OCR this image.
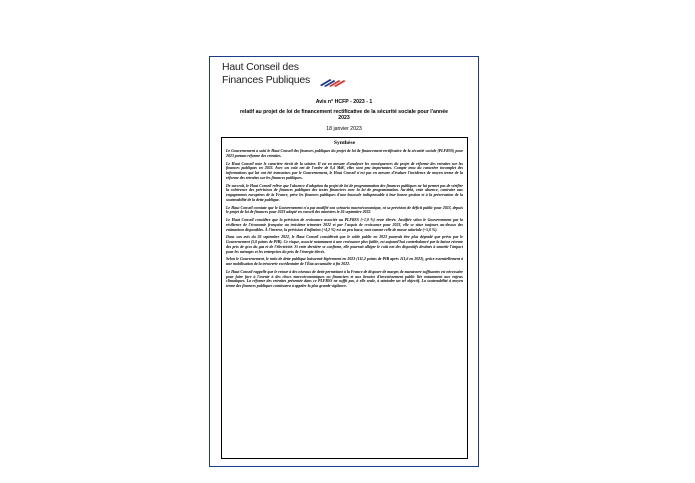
Haut Conseil des
Finances Publiques
Avis n° HCFP - 2023 - 1
relatif au projet de loi de financement rectificative de la sécurité sociale pour l'année 2023
18 janvier 2023
Synthèse

Le Gouvernement a saisi le Haut Conseil des finances publiques du projet de loi de financement rectificative de la sécurité sociale (PLFRSS) pour 2023 portant réforme des retraites.

Le Haut Conseil note le caractère étroit de la saisine. Il est en mesure d'analyser les conséquences du projet de réforme des retraites sur les finances publiques en 2023. Avec un coût net de l'ordre de 0,4 Md€, elles sont peu importantes. Compte tenu du caractère incomplet des informations qui lui ont été transmises par le Gouvernement, le Haut Conseil n'est pas en mesure d'évaluer l'incidence de moyen terme de la réforme des retraites sur les finances publiques.

De surcroît, le Haut Conseil relève que l'absence d'adoption du projet de loi de programmation des finances publiques ne lui permet pas de vérifier la cohérence des prévisions de finances publiques des textes financiers avec la loi de programmation. Au-delà, cette absence, contraire aux engagements européens de la France, prive les finances publiques d'une boussole indispensable à leur bonne gestion et à la préservation de la soutenabilité de la dette publique.

Le Haut Conseil constate que le Gouvernement n'a pas modifié son scénario macroéconomique, ni sa prévision de déficit public pour 2023, depuis le projet de loi de finances pour 2023 adopté en conseil des ministres le 26 septembre 2022.

Le Haut Conseil considère que la prévision de croissance associée au PLFRSS (+1,0 %) reste élevée. Justifiée selon le Gouvernement par la résilience de l'économie française au troisième trimestre 2022 et par l'acquis de croissance pour 2023, elle se situe toujours au-dessus des estimations disponibles. À l'inverse, la prévision d'inflation (+4,2 %) est un peu basse, tout comme celle de masse salariale (+5,0 %).

Dans son avis du 26 septembre 2022, le Haut Conseil considérait que le solde public en 2023 pourrait être plus dégradé que prévu par le Gouvernement (5,0 points de PIB). Ce risque, associé notamment à une croissance plus faible, est aujourd'hui contrebalancé par la baisse récente des prix de gros du gaz et de l'électricité. Si cette dernière se confirme, elle pourrait alléger le coût net des dispositifs destinés à amortir l'impact pour les ménages et les entreprises du prix de l'énergie élevés.

Selon le Gouvernement, le ratio de dette publique baisserait légèrement en 2023 (111,2 points de PIB après 111,6 en 2022), grâce essentiellement à une mobilisation de la trésorerie excédentaire de l'État accumulée à fin 2022.

Le Haut Conseil rappelle que le retour à des niveaux de dette permettant à la France de disposer de marges de manœuvre suffisantes est nécessaire pour faire face à l'avenir à des chocs macroéconomiques ou financiers et aux besoins d'investissement public liés notamment aux enjeux climatiques. La réforme des retraites présentée dans ce PLFRSS ne suffit pas, à elle seule, à atteindre un tel objectif. La soutenabilité à moyen terme des finances publiques continuera à appeler la plus grande vigilance.
